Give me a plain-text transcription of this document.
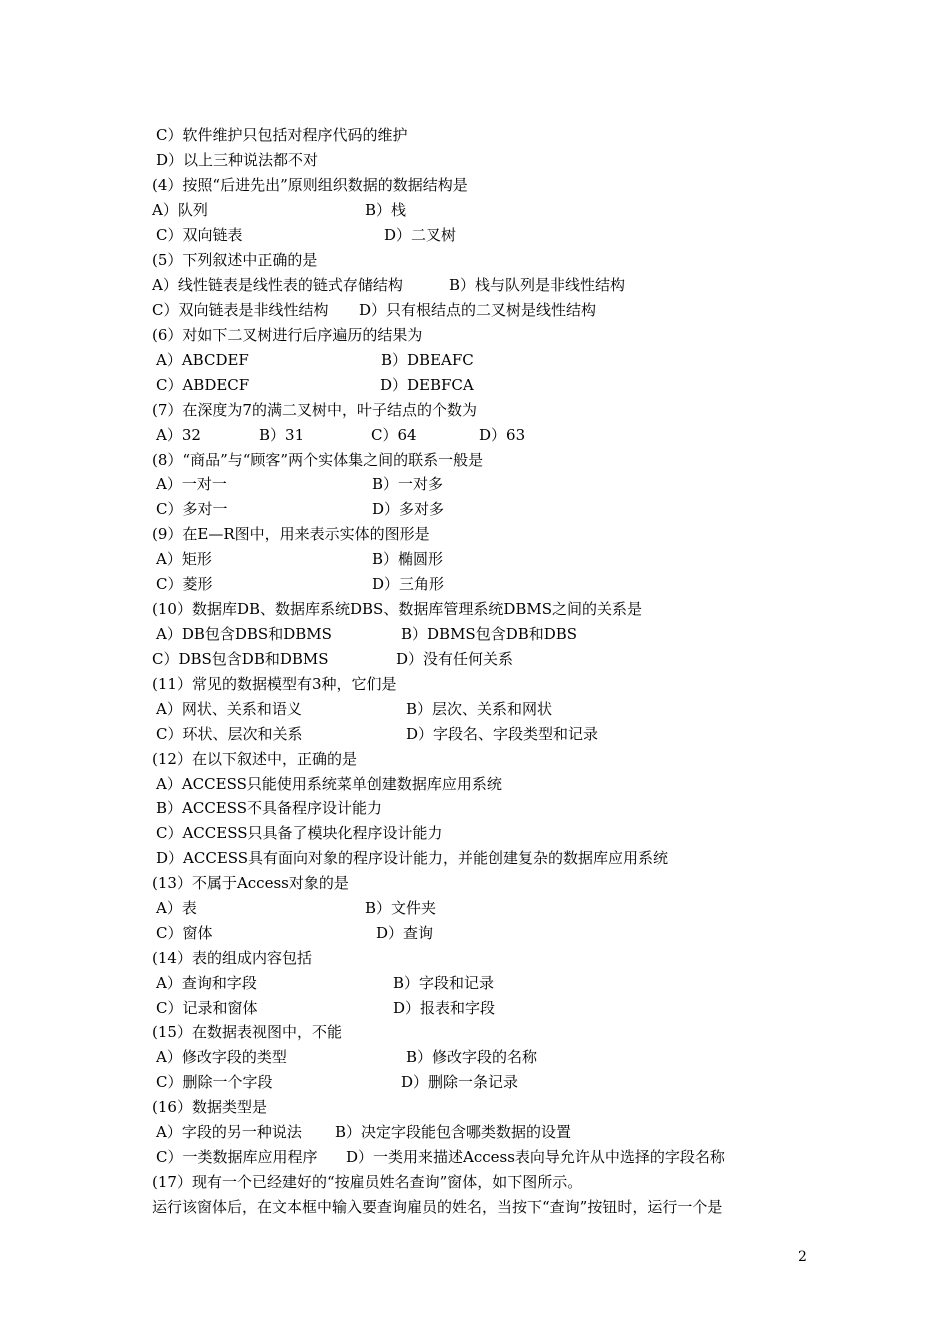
C）软件维护只包括对程序代码的维护
D）以上三种说法都不对
(4）按照“后进先出”原则组织数据的数据结构是
A）队列	B）栈
C）双向链表	D）二叉树
(5）下列叙述中正确的是
A）线性链表是线性表的链式存储结构	B）栈与队列是非线性结构
C）双向链表是非线性结构 D）只有根结点的二叉树是线性结构
(6）对如下二叉树进行后序遍历的结果为
A）ABCDEF	B）DBEAFC
C）ABDECF	D）DEBFCA
(7）在深度为7的满二叉树中，叶子结点的个数为
A）32	B）31	C）64	D）63
(8）“商品”与“顾客”两个实体集之间的联系一般是
A）一对一	B）一对多
C）多对一	D）多对多
(9）在E—R图中，用来表示实体的图形是
A）矩形	B）椭圆形
C）菱形	D）三角形
(10）数据库DB、数据库系统DBS、数据库管理系统DBMS之间的关系是
A）DB包含DBS和DBMS	B）DBMS包含DB和DBS
C）DBS包含DB和DBMS	D）没有任何关系
(11）常见的数据模型有3种，它们是
A）网状、关系和语义	B）层次、关系和网状
C）环状、层次和关系	D）字段名、字段类型和记录
(12）在以下叙述中，正确的是
A）ACCESS只能使用系统菜单创建数据库应用系统
B）ACCESS不具备程序设计能力
C）ACCESS只具备了模块化程序设计能力
D）ACCESS具有面向对象的程序设计能力，并能创建复杂的数据库应用系统
(13）不属于Access对象的是
A）表	B）文件夹
C）窗体	D）查询
(14）表的组成内容包括
A）查询和字段	B）字段和记录
C）记录和窗体	D）报表和字段
(15）在数据表视图中，不能
A）修改字段的类型	B）修改字段的名称
C）删除一个字段	D）删除一条记录
(16）数据类型是
A）字段的另一种说法 B）决定字段能包含哪类数据的设置
C）一类数据库应用程序 D）一类用来描述Access表向导允许从中选择的字段名称
(17）现有一个已经建好的“按雇员姓名查询”窗体，如下图所示。
运行该窗体后，在文本框中输入要查询雇员的姓名，当按下“查询”按钮时，运行一个是
2
